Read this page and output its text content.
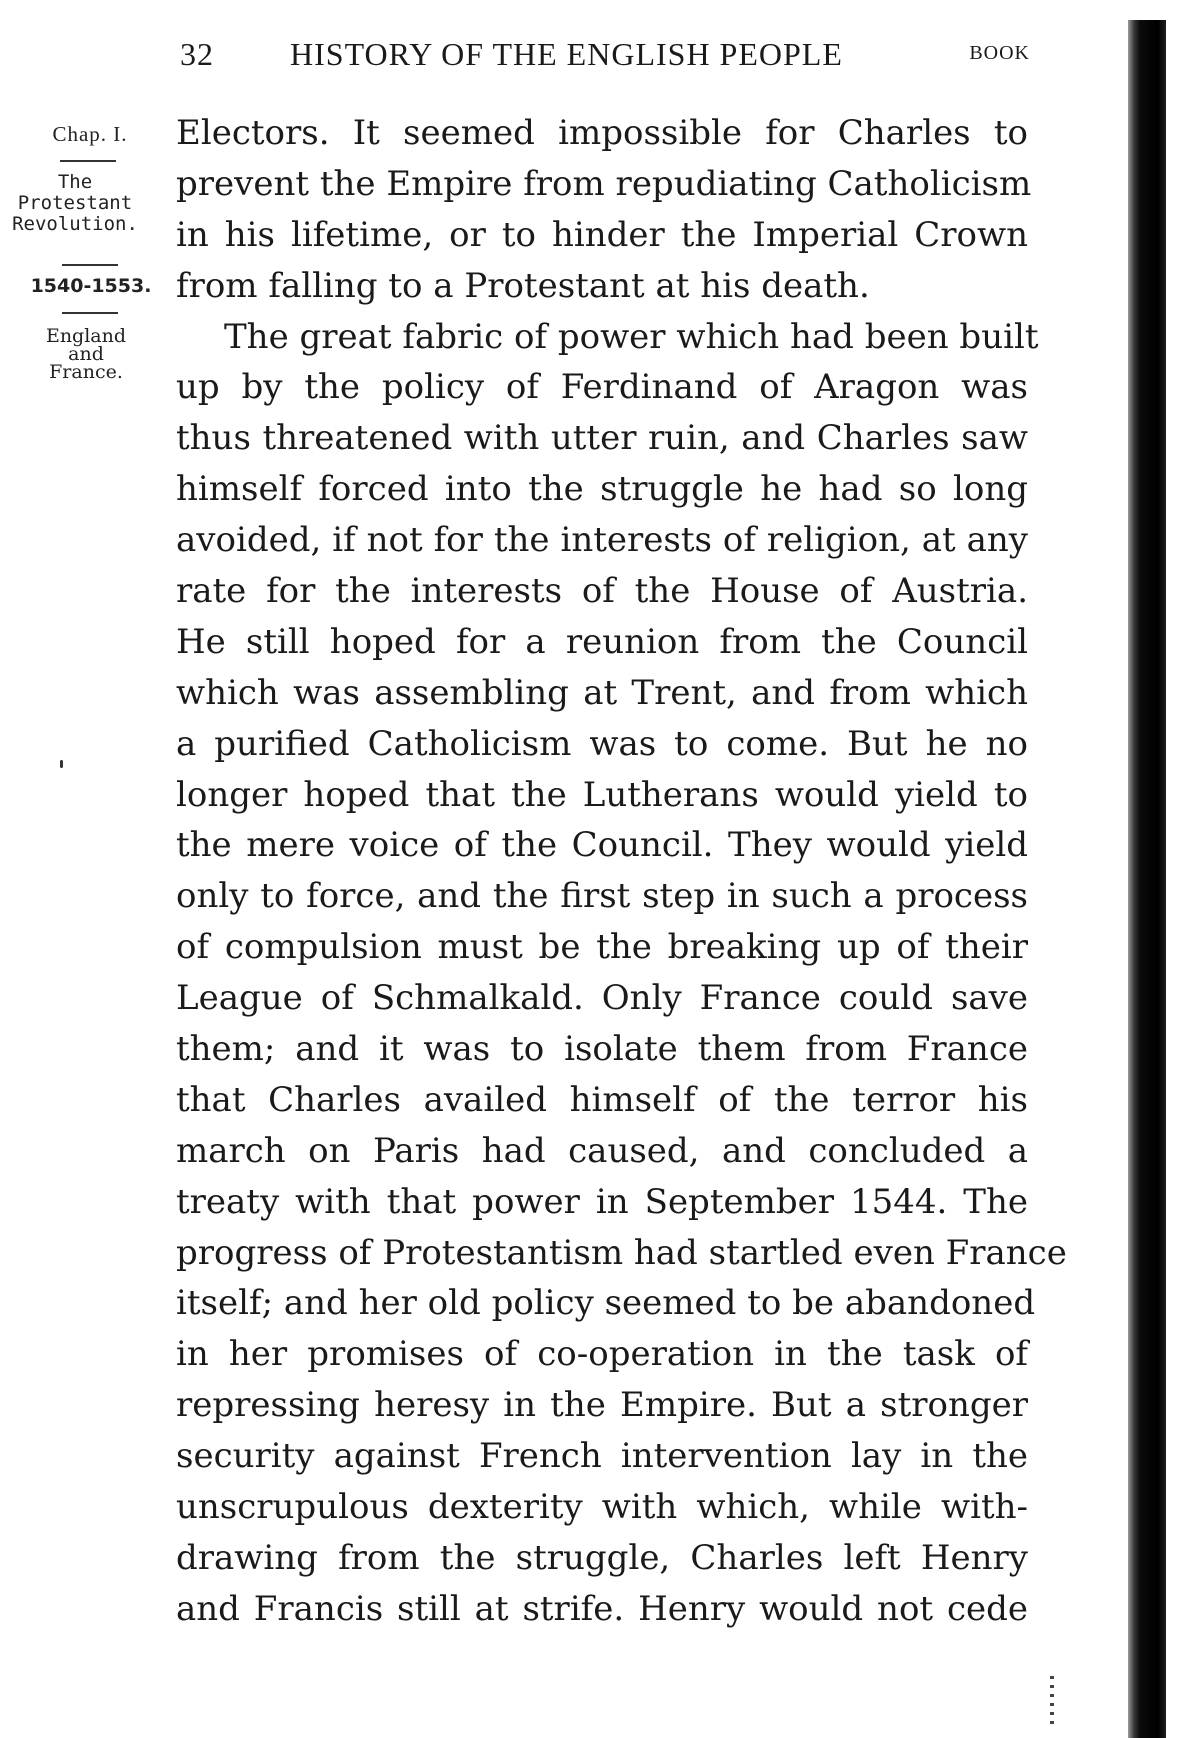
32 HISTORY OF THE ENGLISH PEOPLE	BOOK
Chap. I.
The
Protestant
Revolution.
1540-1553.
England
and
France.
Electors. It seemed impossible for Charles to
prevent the Empire from repudiating Catholicism
in his lifetime, or to hinder the Imperial Crown
from falling to a Protestant at his death.
The great fabric of power which had been built
up by the policy of Ferdinand of Aragon was
thus threatened with utter ruin, and Charles saw
himself forced into the struggle he had so long
avoided, if not for the interests of religion, at any
rate for the interests of the House of Austria.
He still hoped for a reunion from the Council
which was assembling at Trent, and from which
a purified Catholicism was to come. But he no
longer hoped that the Lutherans would yield to
the mere voice of the Council. They would yield
only to force, and the first step in such a process
of compulsion must be the breaking up of their
League of Schmalkald. Only France could save
them; and it was to isolate them from France
that Charles availed himself of the terror his
march on Paris had caused, and concluded a
treaty with that power in September 1544. The
progress of Protestantism had startled even France
itself; and her old policy seemed to be abandoned
in her promises of co-operation in the task of
repressing heresy in the Empire. But a stronger
security against French intervention lay in the
unscrupulous dexterity with which, while with-
drawing from the struggle, Charles left Henry
and Francis still at strife. Henry would not cede
